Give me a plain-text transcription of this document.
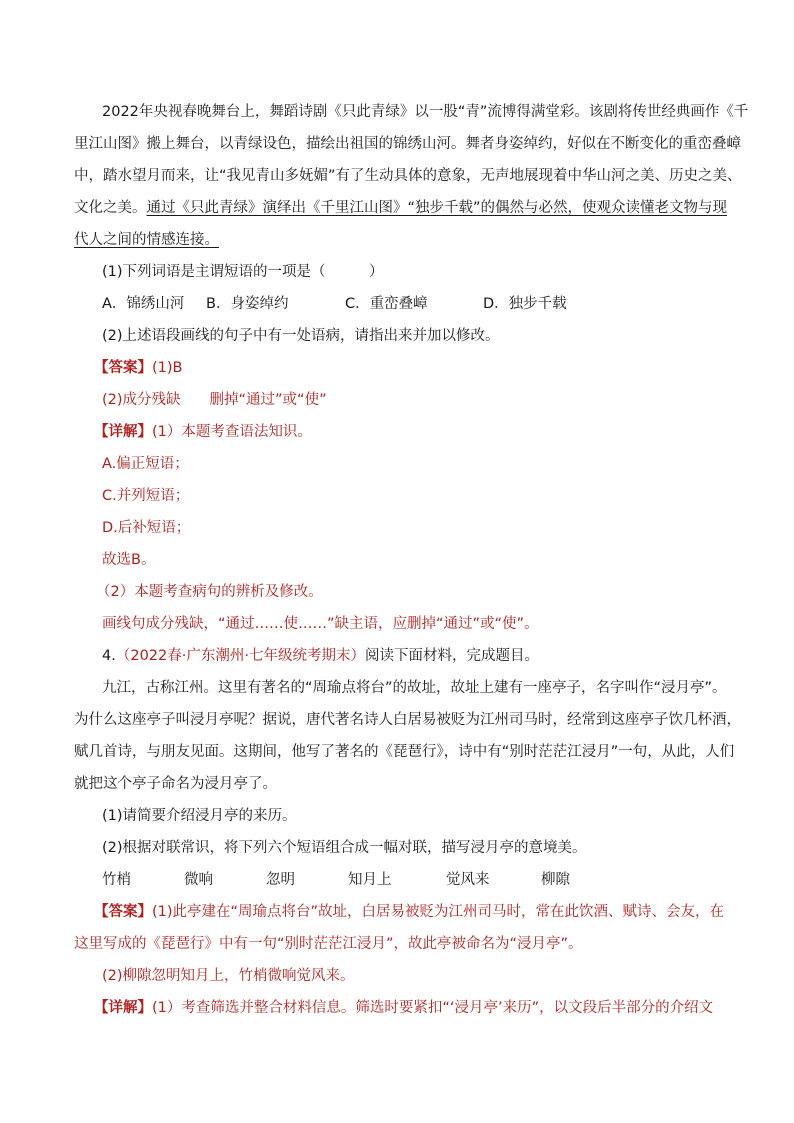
2022年央视春晚舞台上，舞蹈诗剧《只此青绿》以一股“青”流博得满堂彩。该剧将传世经典画作《千
里江山图》搬上舞台，以青绿设色，描绘出祖国的锦绣山河。舞者身姿绰约，好似在不断变化的重峦叠嶂
中，踏水望月而来，让“我见青山多妩媚”有了生动具体的意象，无声地展现着中华山河之美、历史之美、
文化之美。通过《只此青绿》演绎出《千里江山图》“独步千载”的偶然与必然，使观众读懂老文物与现
代人之间的情感连接。
(1)下列词语是主谓短语的一项是（　　　）
A．锦绣山河 B．身姿绰约	C．重峦叠嶂	D．独步千载
(2)上述语段画线的句子中有一处语病，请指出来并加以修改。
【答案】(1)B
(2)成分残缺　　删掉“通过”或“使”
【详解】(1）本题考查语法知识。
A.偏正短语；
C.并列短语；
D.后补短语；
故选B。
（2）本题考查病句的辨析及修改。
画线句成分残缺，“通过……使……”缺主语，应删掉“通过”或“使”。
4.（2022春·广东潮州·七年级统考期末）阅读下面材料，完成题目。
九江，古称江州。这里有著名的“周瑜点将台”的故址，故址上建有一座亭子，名字叫作“浸月亭”。
为什么这座亭子叫浸月亭呢？据说，唐代著名诗人白居易被贬为江州司马时，经常到这座亭子饮几杯酒，
赋几首诗，与朋友见面。这期间，他写了著名的《琵琶行》，诗中有“别时茫茫江浸月”一句，从此，人们
就把这个亭子命名为浸月亭了。
(1)请简要介绍浸月亭的来历。
(2)根据对联常识，将下列六个短语组合成一幅对联，描写浸月亭的意境美。
竹梢	微响	忽明	知月上	觉风来	柳隙
【答案】(1)此亭建在“周瑜点将台”故址，白居易被贬为江州司马时，常在此饮酒、赋诗、会友，在
这里写成的《琵琶行》中有一句“别时茫茫江浸月”，故此亭被命名为“浸月亭”。
(2)柳隙忽明知月上，竹梢微响觉风来。
【详解】(1）考查筛选并整合材料信息。筛选时要紧扣“‘浸月亭’来历”，以文段后半部分的介绍文
